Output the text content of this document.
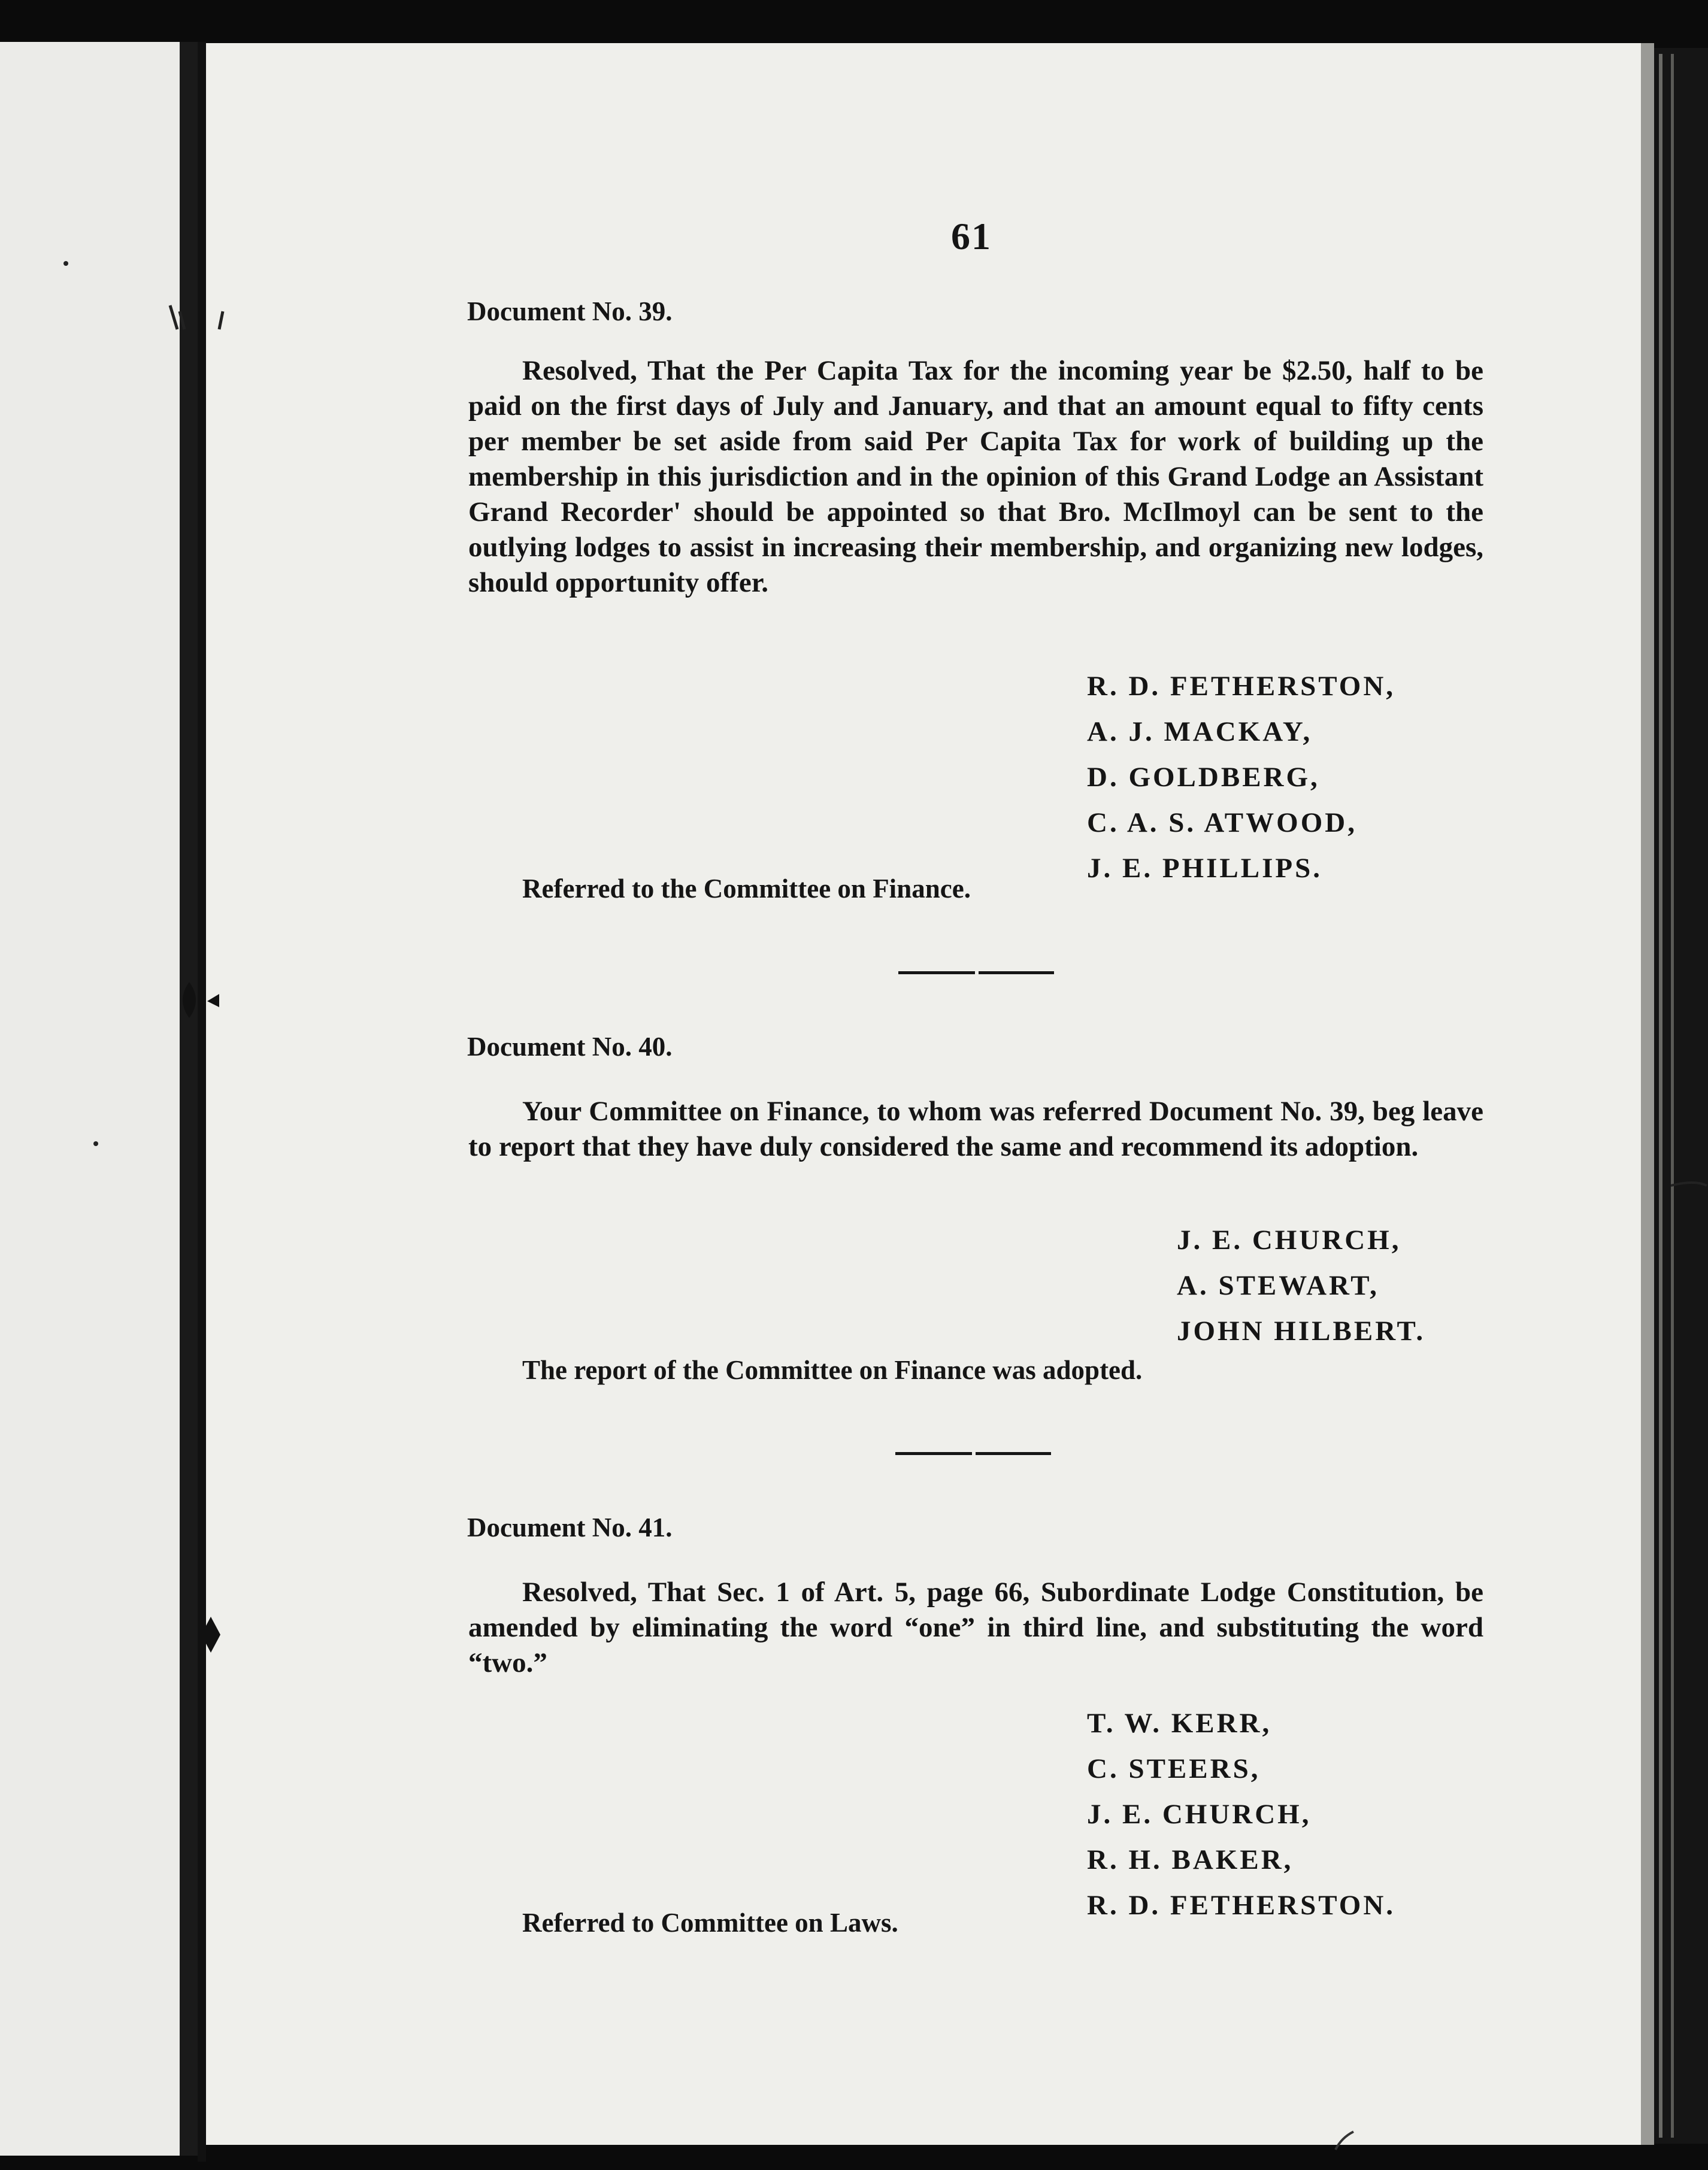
61
Document No. 39.
Resolved, That the Per Capita Tax for the incoming year be $2.50, half to be paid on the first days of July and January, and that an amount equal to fifty cents per member be set aside from said Per Capita Tax for work of building up the membership in this jurisdiction and in the opinion of this Grand Lodge an Assistant Grand Recorder' should be appointed so that Bro. McIlmoyl can be sent to the outlying lodges to assist in increasing their membership, and organizing new lodges, should opportunity offer.
R. D. FETHERSTON,
A. J. MACKAY,
D. GOLDBERG,
C. A. S. ATWOOD,
J. E. PHILLIPS.
Referred to the Committee on Finance.
Document No. 40.
Your Committee on Finance, to whom was referred Document No. 39, beg leave to report that they have duly considered the same and recommend its adoption.
J. E. CHURCH,
A. STEWART,
JOHN HILBERT.
The report of the Committee on Finance was adopted.
Document No. 41.
Resolved, That Sec. 1 of Art. 5, page 66, Subordinate Lodge Constitution, be amended by eliminating the word “one” in third line, and substituting the word “two.”
T. W. KERR,
C. STEERS,
J. E. CHURCH,
R. H. BAKER,
R. D. FETHERSTON.
Referred to Committee on Laws.
